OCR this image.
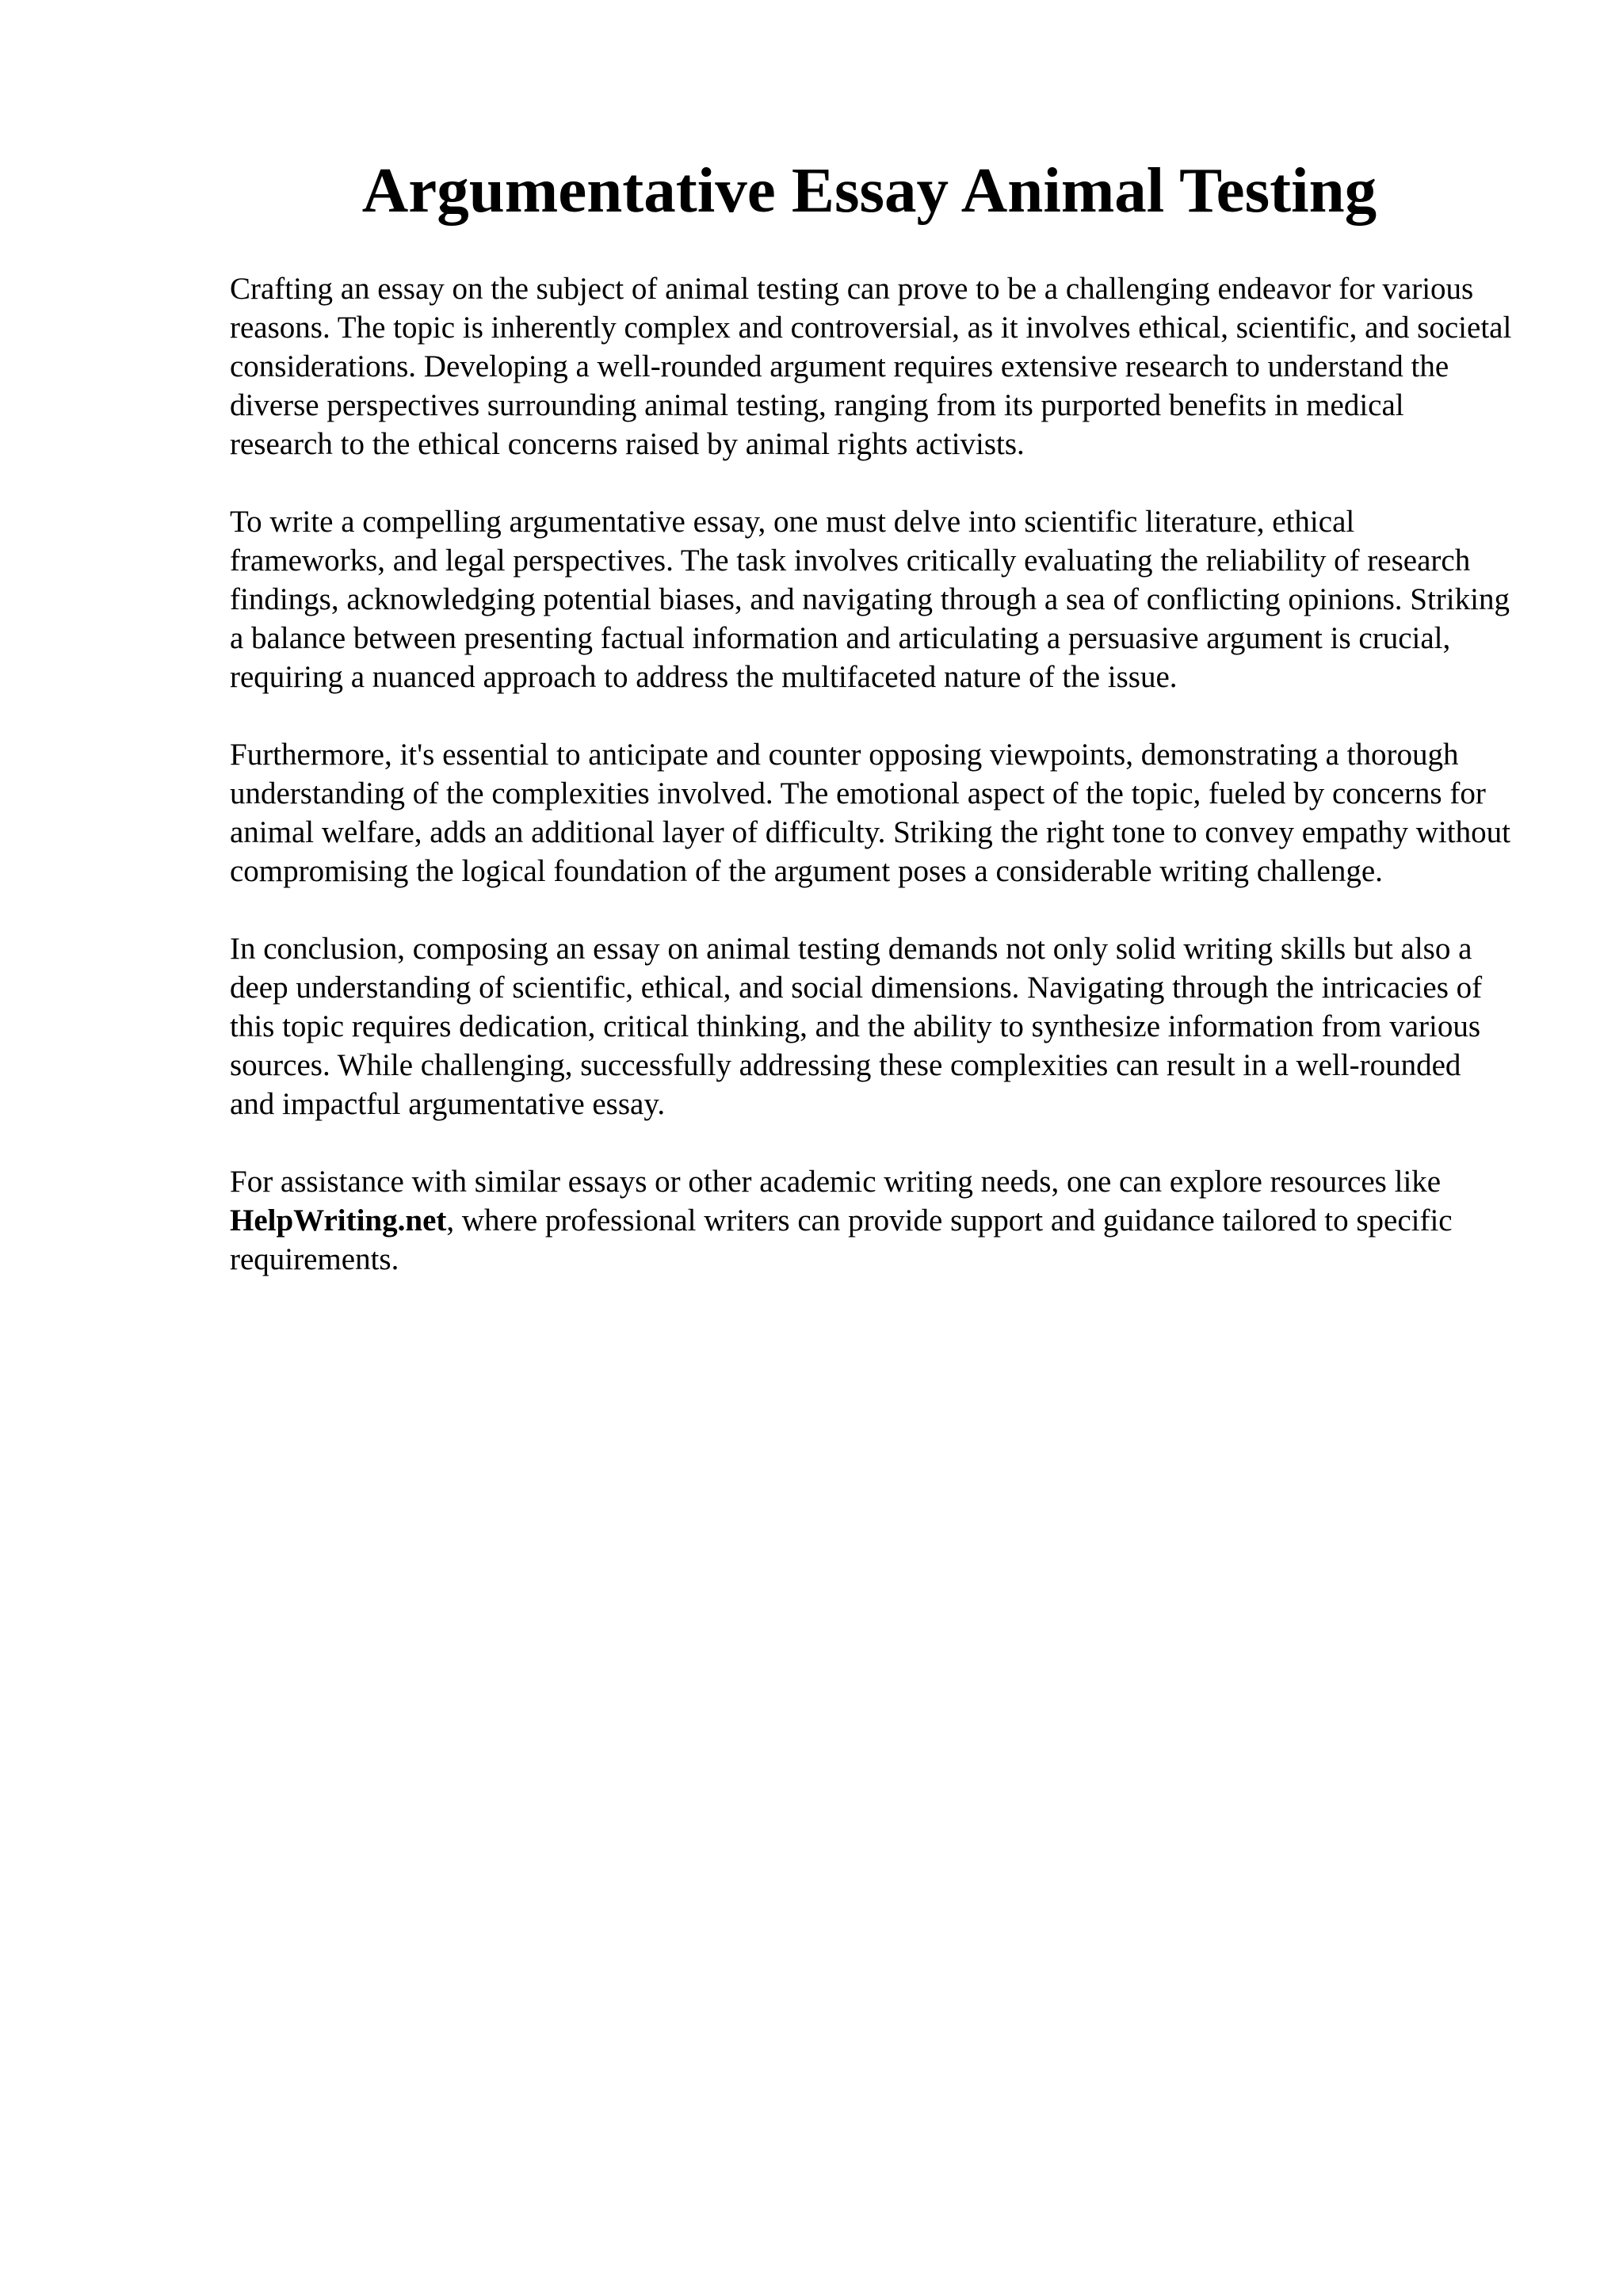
Argumentative Essay Animal Testing

Crafting an essay on the subject of animal testing can prove to be a challenging endeavor for various reasons. The topic is inherently complex and controversial, as it involves ethical, scientific, and societal considerations. Developing a well-rounded argument requires extensive research to understand the diverse perspectives surrounding animal testing, ranging from its purported benefits in medical research to the ethical concerns raised by animal rights activists.

To write a compelling argumentative essay, one must delve into scientific literature, ethical frameworks, and legal perspectives. The task involves critically evaluating the reliability of research findings, acknowledging potential biases, and navigating through a sea of conflicting opinions. Striking a balance between presenting factual information and articulating a persuasive argument is crucial, requiring a nuanced approach to address the multifaceted nature of the issue.

Furthermore, it's essential to anticipate and counter opposing viewpoints, demonstrating a thorough understanding of the complexities involved. The emotional aspect of the topic, fueled by concerns for animal welfare, adds an additional layer of difficulty. Striking the right tone to convey empathy without compromising the logical foundation of the argument poses a considerable writing challenge.

In conclusion, composing an essay on animal testing demands not only solid writing skills but also a deep understanding of scientific, ethical, and social dimensions. Navigating through the intricacies of this topic requires dedication, critical thinking, and the ability to synthesize information from various sources. While challenging, successfully addressing these complexities can result in a well-rounded and impactful argumentative essay.

For assistance with similar essays or other academic writing needs, one can explore resources like HelpWriting.net, where professional writers can provide support and guidance tailored to specific requirements.
